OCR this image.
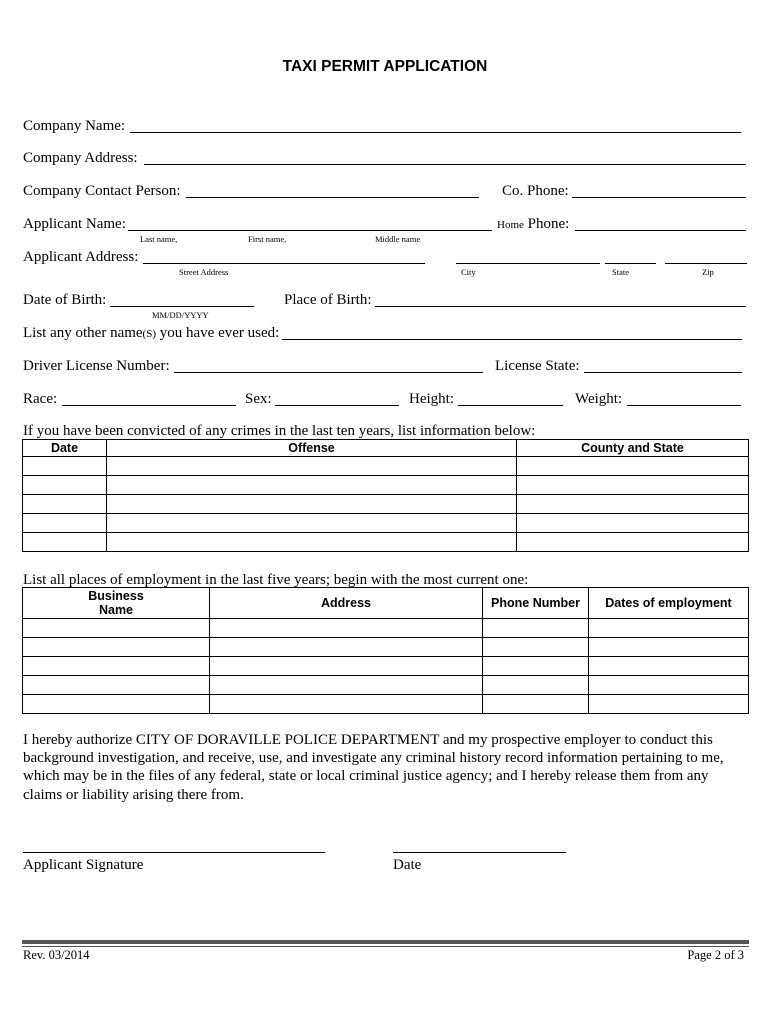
TAXI PERMIT APPLICATION
Company Name:
Company Address:
Company Contact Person:	Co. Phone:
Applicant Name:	Home Phone:
Last name,	First name,	Middle name
Applicant Address:
Street Address	City	State	Zip
Date of Birth:
MM/DD/YYYY
Place of Birth:
List any other name(S) you have ever used:
Driver License Number:	License State:
Race:	Sex:	Height:	Weight:
If you have been convicted of any crimes in the last ten years, list information below:
Date	Offense	County and State

List all places of employment in the last five years; begin with the most current one:
Business
Name	Address	Phone Number	Dates of employment

I hereby authorize CITY OF DORAVILLE POLICE DEPARTMENT and my prospective employer to conduct this background investigation, and receive, use, and investigate any criminal history record information pertaining to me, which may be in the files of any federal, state or local criminal justice agency; and I hereby release them from any claims or liability arising there from.
Applicant Signature	Date
Rev. 03/2014	Page 2 of 3
